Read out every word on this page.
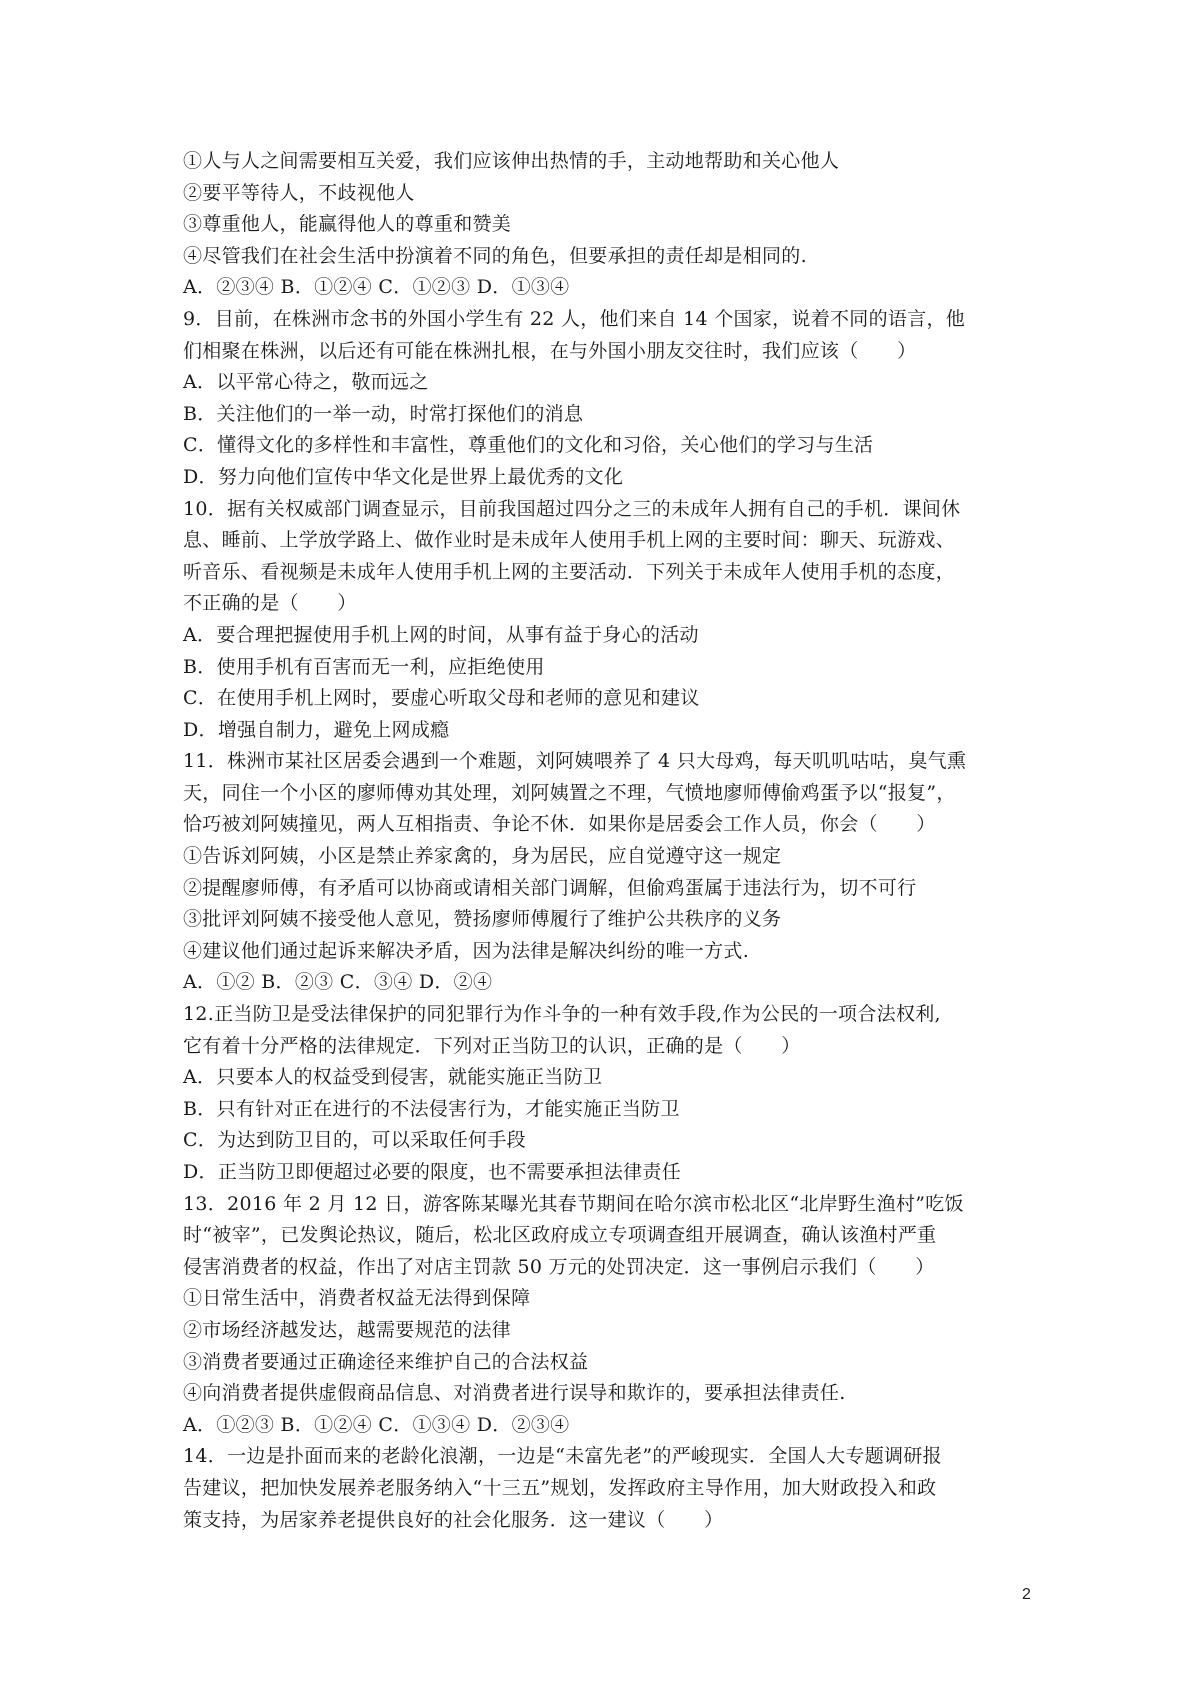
①人与人之间需要相互关爱，我们应该伸出热情的手，主动地帮助和关心他人
②要平等待人，不歧视他人
③尊重他人，能赢得他人的尊重和赞美
④尽管我们在社会生活中扮演着不同的角色，但要承担的责任却是相同的.
A．②③④ B．①②④ C．①②③ D．①③④
9．目前，在株洲市念书的外国小学生有 22 人，他们来自 14 个国家，说着不同的语言，他
们相聚在株洲，以后还有可能在株洲扎根，在与外国小朋友交往时，我们应该（　　）
A．以平常心待之，敬而远之
B．关注他们的一举一动，时常打探他们的消息
C．懂得文化的多样性和丰富性，尊重他们的文化和习俗，关心他们的学习与生活
D．努力向他们宣传中华文化是世界上最优秀的文化
10．据有关权威部门调查显示，目前我国超过四分之三的未成年人拥有自己的手机．课间休
息、睡前、上学放学路上、做作业时是未成年人使用手机上网的主要时间：聊天、玩游戏、
听音乐、看视频是未成年人使用手机上网的主要活动．下列关于未成年人使用手机的态度，
不正确的是（　　）
A．要合理把握使用手机上网的时间，从事有益于身心的活动
B．使用手机有百害而无一利，应拒绝使用
C．在使用手机上网时，要虚心听取父母和老师的意见和建议
D．增强自制力，避免上网成瘾
11．株洲市某社区居委会遇到一个难题，刘阿姨喂养了 4 只大母鸡，每天叽叽咕咕，臭气熏
天，同住一个小区的廖师傅劝其处理，刘阿姨置之不理，气愤地廖师傅偷鸡蛋予以“报复”，
恰巧被刘阿姨撞见，两人互相指责、争论不休．如果你是居委会工作人员，你会（　　）
①告诉刘阿姨，小区是禁止养家禽的，身为居民，应自觉遵守这一规定
②提醒廖师傅，有矛盾可以协商或请相关部门调解，但偷鸡蛋属于违法行为，切不可行
③批评刘阿姨不接受他人意见，赞扬廖师傅履行了维护公共秩序的义务
④建议他们通过起诉来解决矛盾，因为法律是解决纠纷的唯一方式.
A．①② B．②③ C．③④ D．②④
12.正当防卫是受法律保护的同犯罪行为作斗争的一种有效手段,作为公民的一项合法权利,
它有着十分严格的法律规定．下列对正当防卫的认识，正确的是（　　）
A．只要本人的权益受到侵害，就能实施正当防卫
B．只有针对正在进行的不法侵害行为，才能实施正当防卫
C．为达到防卫目的，可以采取任何手段
D．正当防卫即便超过必要的限度，也不需要承担法律责任
13．2016 年 2 月 12 日，游客陈某曝光其春节期间在哈尔滨市松北区“北岸野生渔村”吃饭
时“被宰”，已发舆论热议，随后，松北区政府成立专项调查组开展调查，确认该渔村严重
侵害消费者的权益，作出了对店主罚款 50 万元的处罚决定．这一事例启示我们（　　）
①日常生活中，消费者权益无法得到保障
②市场经济越发达，越需要规范的法律
③消费者要通过正确途径来维护自己的合法权益
④向消费者提供虚假商品信息、对消费者进行误导和欺诈的，要承担法律责任.
A．①②③ B．①②④ C．①③④ D．②③④
14．一边是扑面而来的老龄化浪潮，一边是“未富先老”的严峻现实．全国人大专题调研报
告建议，把加快发展养老服务纳入“十三五”规划，发挥政府主导作用，加大财政投入和政
策支持，为居家养老提供良好的社会化服务．这一建议（　　）
2
